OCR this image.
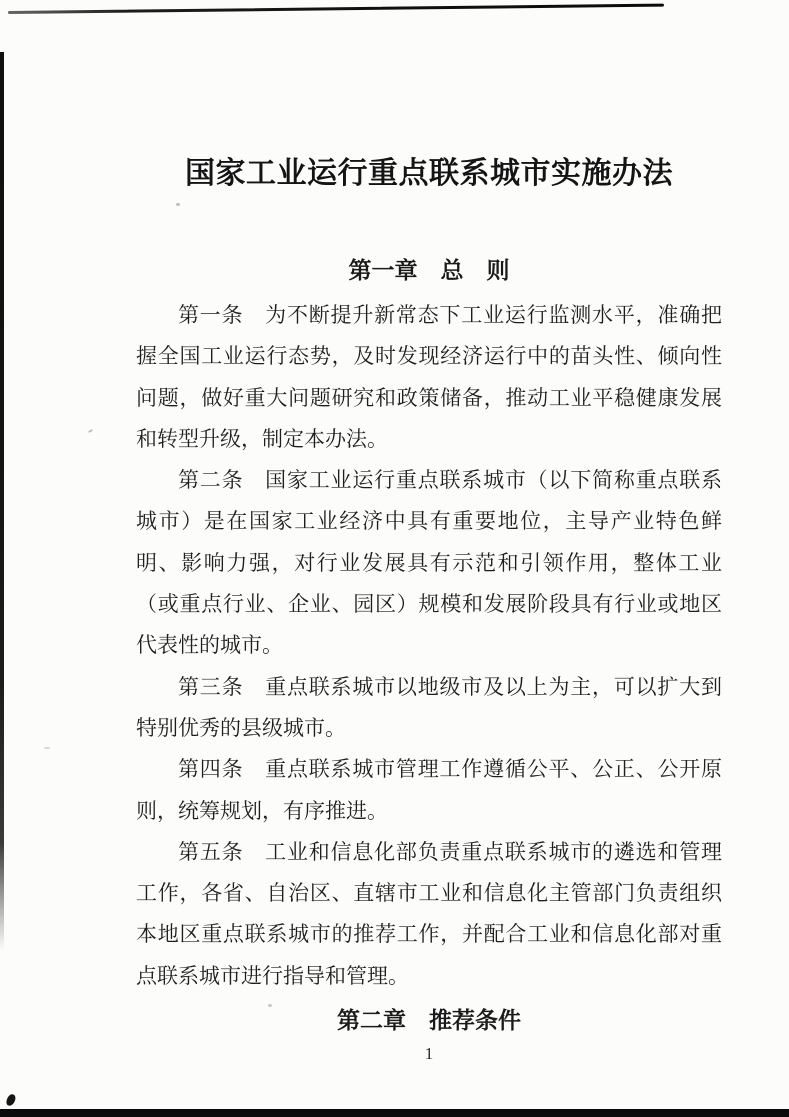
国家工业运行重点联系城市实施办法
第一章　总　则

第一条　为不断提升新常态下工业运行监测水平，准确把握全国工业运行态势，及时发现经济运行中的苗头性、倾向性问题，做好重大问题研究和政策储备，推动工业平稳健康发展和转型升级，制定本办法。

第二条　国家工业运行重点联系城市（以下简称重点联系城市）是在国家工业经济中具有重要地位，主导产业特色鲜明、影响力强，对行业发展具有示范和引领作用，整体工业（或重点行业、企业、园区）规模和发展阶段具有行业或地区代表性的城市。

第三条　重点联系城市以地级市及以上为主，可以扩大到特别优秀的县级城市。

第四条　重点联系城市管理工作遵循公平、公正、公开原则，统筹规划，有序推进。

第五条　工业和信息化部负责重点联系城市的遴选和管理工作，各省、自治区、直辖市工业和信息化主管部门负责组织本地区重点联系城市的推荐工作，并配合工业和信息化部对重点联系城市进行指导和管理。

第二章　推荐条件
1
